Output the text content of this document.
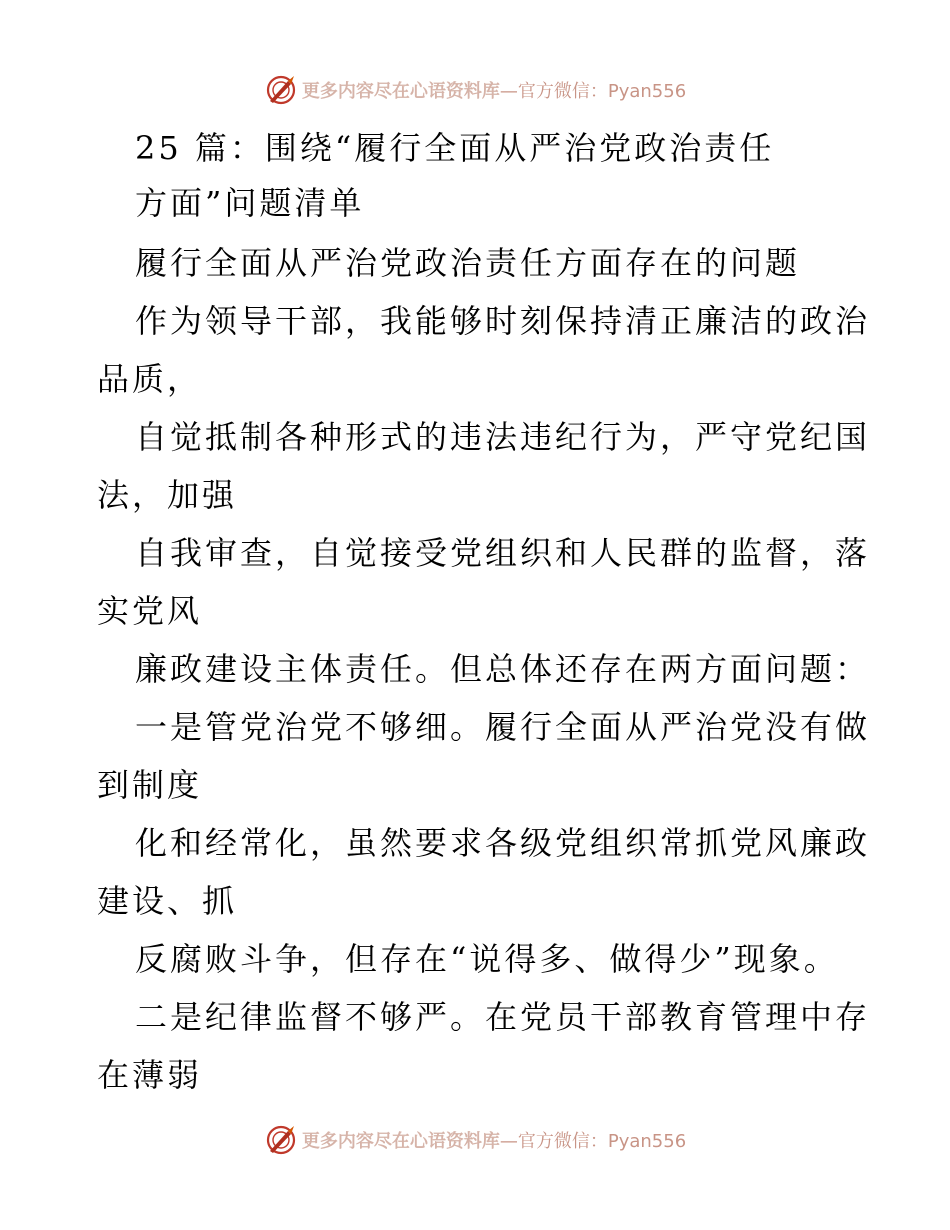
更多内容尽在心语资料库 —官方微信：Pyan556
25 篇：围绕“履行全面从严治党政治责任
方面”问题清单
履行全面从严治党政治责任方面存在的问题
作为领导干部，我能够时刻保持清正廉洁的政治
品质，
自觉抵制各种形式的违法违纪行为，严守党纪国
法，加强
自我审查，自觉接受党组织和人民群的监督，落
实党风
廉政建设主体责任。但总体还存在两方面问题：
一是管党治党不够细。履行全面从严治党没有做
到制度
化和经常化，虽然要求各级党组织常抓党风廉政
建设、抓
反腐败斗争，但存在“说得多、做得少”现象。
二是纪律监督不够严。在党员干部教育管理中存
在薄弱
更多内容尽在心语资料库 —官方微信：Pyan556
